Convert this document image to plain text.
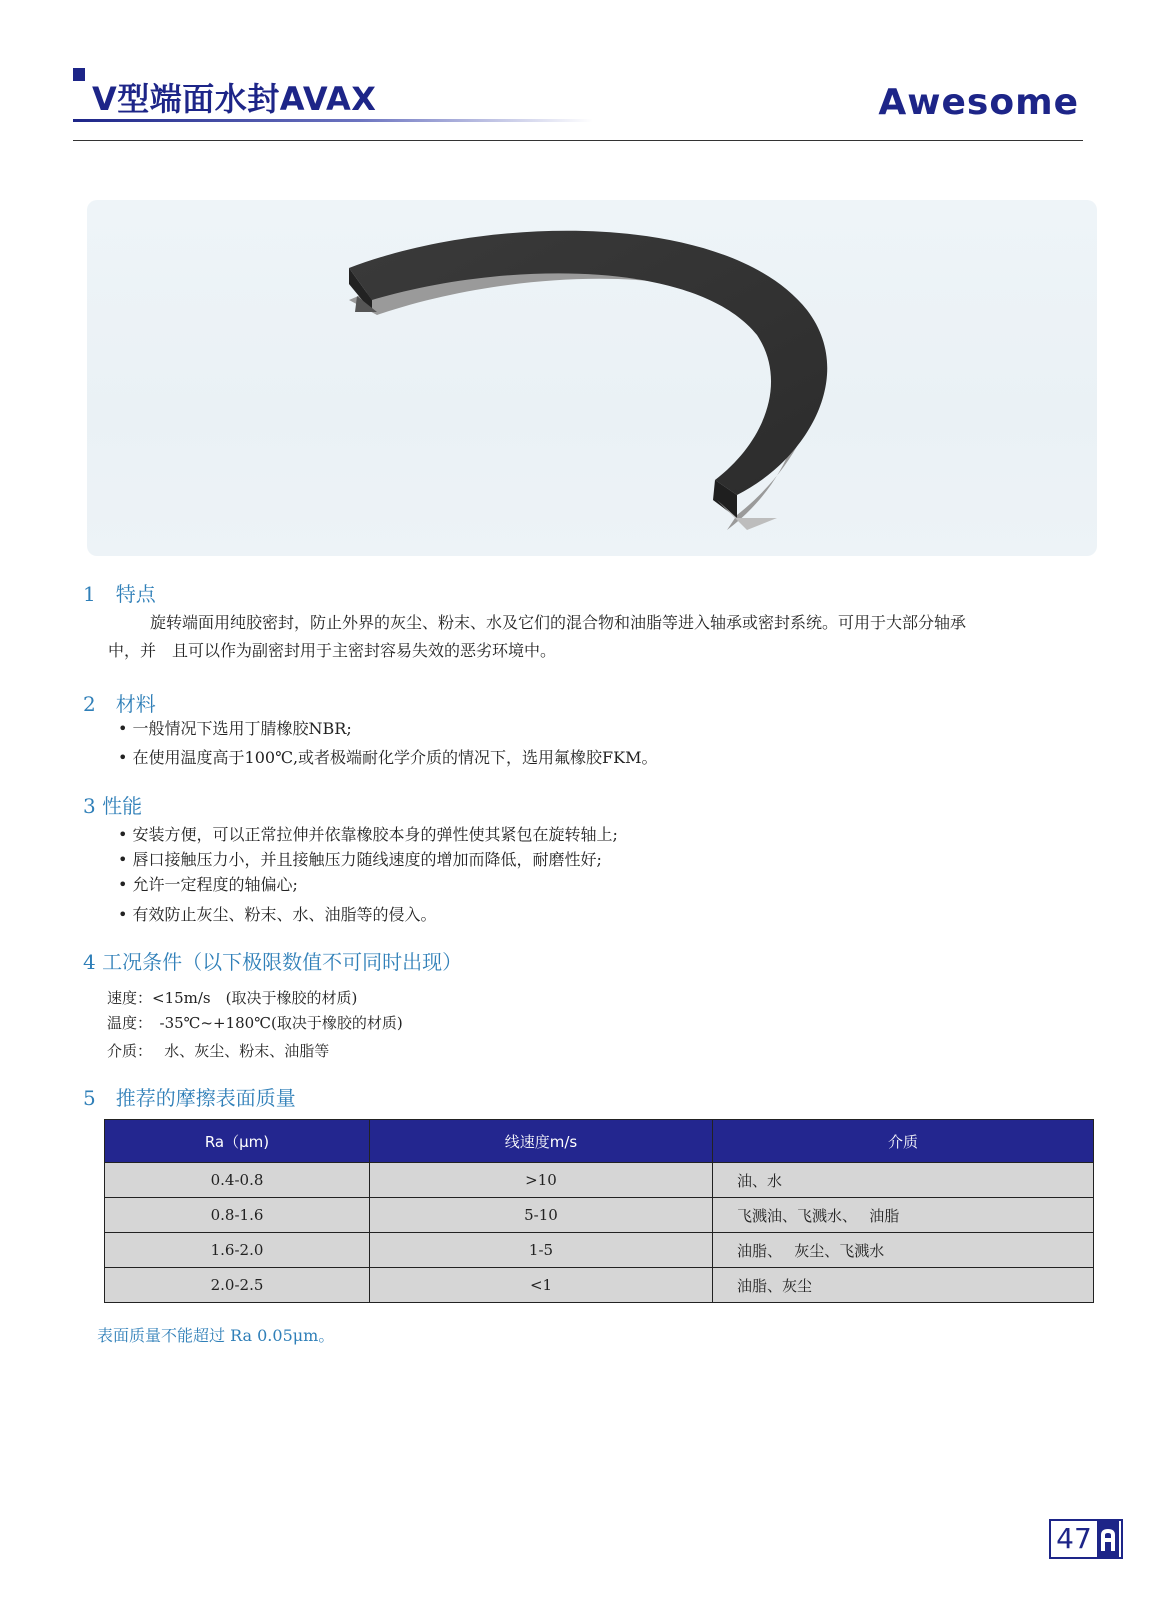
V型端面水封AVAX	Awesome
1　特点
旋转端面用纯胶密封，防止外界的灰尘、粉末、水及它们的混合物和油脂等进入轴承或密封系统。可用于大部分轴承
中，并　且可以作为副密封用于主密封容易失效的恶劣环境中。
2　材料
• 一般情况下选用丁腈橡胶NBR;
• 在使用温度高于100℃,或者极端耐化学介质的情况下，选用氟橡胶FKM。
3 性能
• 安装方便，可以正常拉伸并依靠橡胶本身的弹性使其紧包在旋转轴上;
• 唇口接触压力小，并且接触压力随线速度的增加而降低，耐磨性好;
• 允许一定程度的轴偏心;
• 有效防止灰尘、粉末、水、油脂等的侵入。
4 工况条件（以下极限数值不可同时出现）
速度：<15m/s　(取决于橡胶的材质)
温度：　-35℃~+180℃(取决于橡胶的材质)
介质：　 水、灰尘、粉末、油脂等
5　推荐的摩擦表面质量
Ra（μm)	线速度m/s	介质
0.4-0.8	>10	油、水
0.8-1.6	5-10	飞溅油、飞溅水、　 油脂
1.6-2.0	1-5	油脂、　 灰尘、飞溅水
2.0-2.5	<1	油脂、灰尘
表面质量不能超过 Ra 0.05μm。
47
